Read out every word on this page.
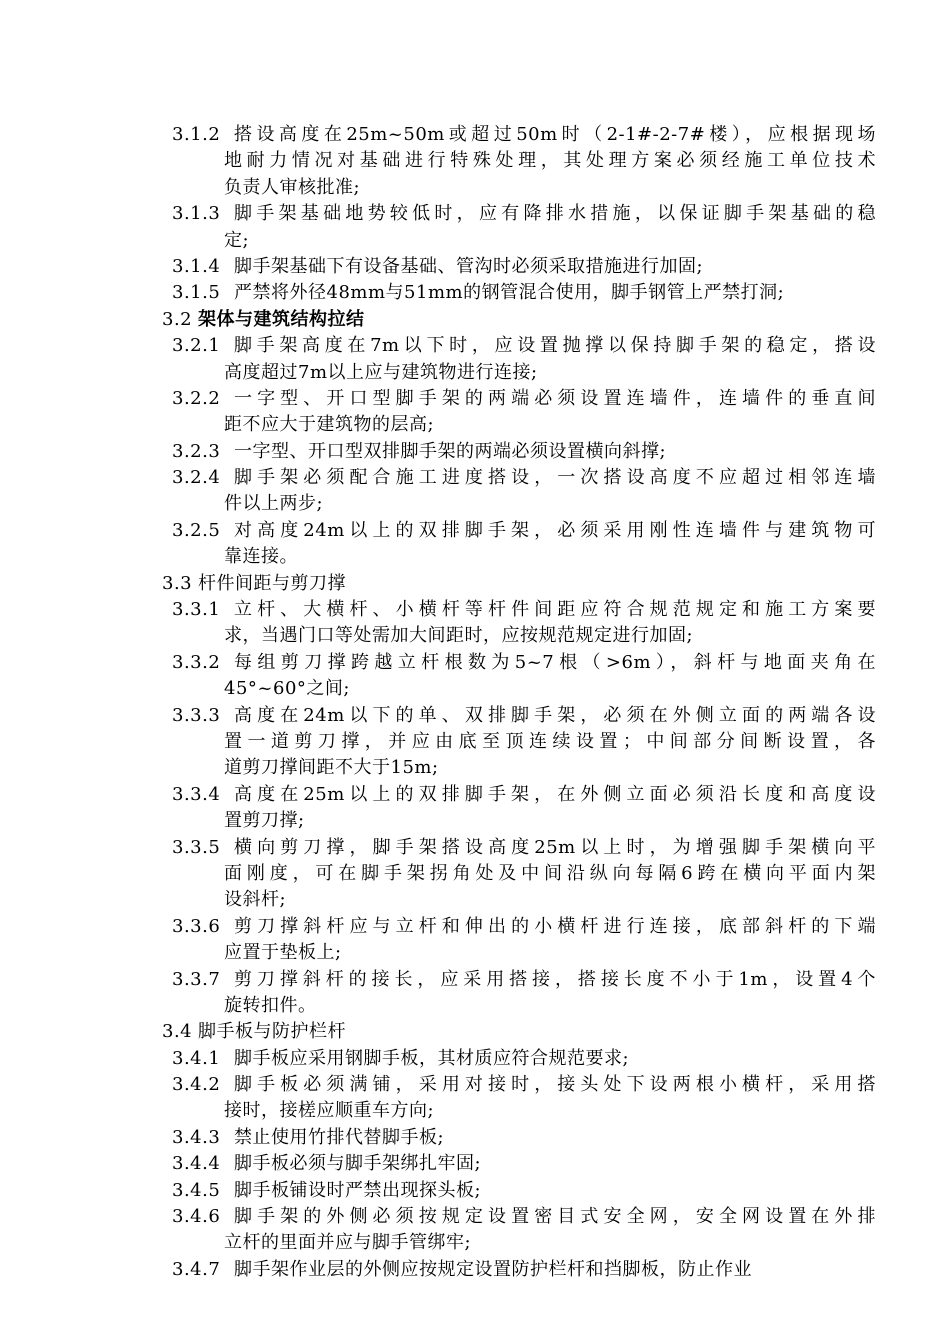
3.1.2 搭设高度在25m~50m或超过50m时（2-1#-2-7#楼），应根据现场
地耐力情况对基础进行特殊处理，其处理方案必须经施工单位技术
负责人审核批准;
3.1.3 脚手架基础地势较低时，应有降排水措施，以保证脚手架基础的稳
定;
3.1.4 脚手架基础下有设备基础、管沟时必须采取措施进行加固;
3.1.5 严禁将外径48mm与51mm的钢管混合使用，脚手钢管上严禁打洞;
3.2 架体与建筑结构拉结
3.2.1 脚手架高度在7m以下时，应设置抛撑以保持脚手架的稳定，搭设
高度超过7m以上应与建筑物进行连接;
3.2.2 一字型、开口型脚手架的两端必须设置连墙件，连墙件的垂直间
距不应大于建筑物的层高;
3.2.3 一字型、开口型双排脚手架的两端必须设置横向斜撑;
3.2.4 脚手架必须配合施工进度搭设，一次搭设高度不应超过相邻连墙
件以上两步;
3.2.5 对高度24m以上的双排脚手架，必须采用刚性连墙件与建筑物可
靠连接。
3.3 杆件间距与剪刀撑
3.3.1 立杆、大横杆、小横杆等杆件间距应符合规范规定和施工方案要
求，当遇门口等处需加大间距时，应按规范规定进行加固;
3.3.2 每组剪刀撑跨越立杆根数为5~7根（>6m），斜杆与地面夹角在
45°~60°之间;
3.3.3 高度在24m以下的单、双排脚手架，必须在外侧立面的两端各设
置一道剪刀撑，并应由底至顶连续设置；中间部分间断设置，各
道剪刀撑间距不大于15m;
3.3.4 高度在25m以上的双排脚手架，在外侧立面必须沿长度和高度设
置剪刀撑;
3.3.5 横向剪刀撑，脚手架搭设高度25m以上时，为增强脚手架横向平
面刚度，可在脚手架拐角处及中间沿纵向每隔6跨在横向平面内架
设斜杆;
3.3.6 剪刀撑斜杆应与立杆和伸出的小横杆进行连接，底部斜杆的下端
应置于垫板上;
3.3.7 剪刀撑斜杆的接长，应采用搭接，搭接长度不小于1m，设置4个
旋转扣件。
3.4 脚手板与防护栏杆
3.4.1 脚手板应采用钢脚手板，其材质应符合规范要求;
3.4.2 脚手板必须满铺，采用对接时，接头处下设两根小横杆，采用搭
接时，接槎应顺重车方向;
3.4.3 禁止使用竹排代替脚手板;
3.4.4 脚手板必须与脚手架绑扎牢固;
3.4.5 脚手板铺设时严禁出现探头板;
3.4.6 脚手架的外侧必须按规定设置密目式安全网，安全网设置在外排
立杆的里面并应与脚手管绑牢;
3.4.7 脚手架作业层的外侧应按规定设置防护栏杆和挡脚板，防止作业
